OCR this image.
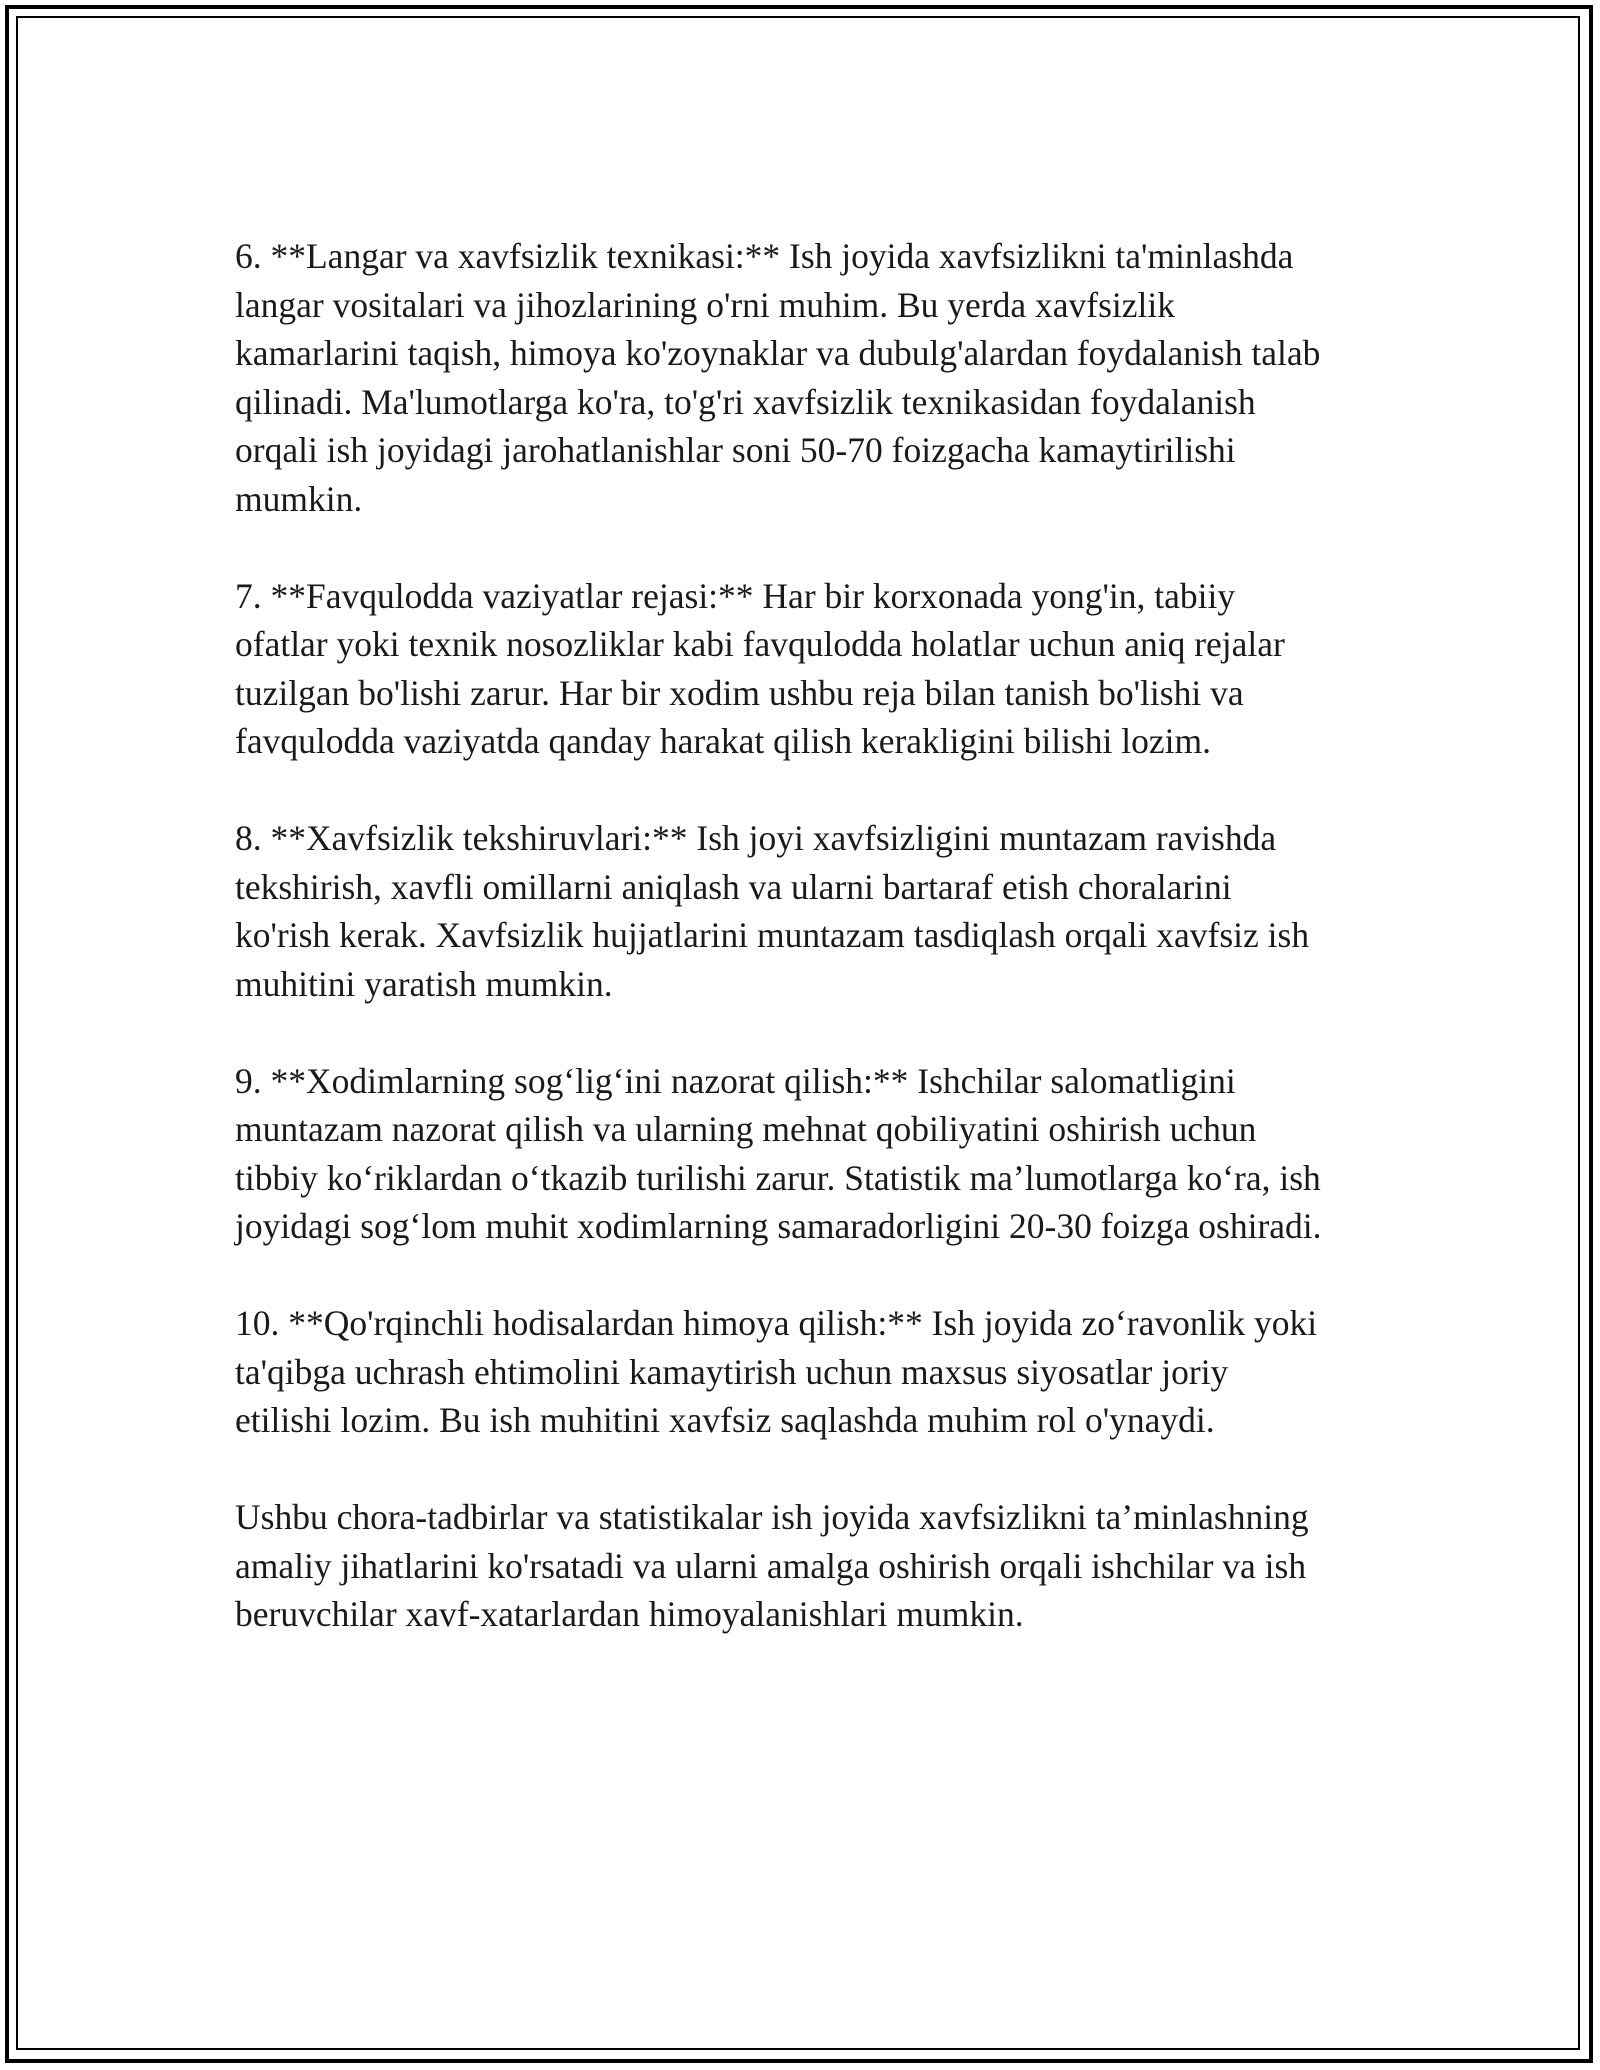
6. **Langar va xavfsizlik texnikasi:** Ish joyida xavfsizlikni ta'minlashda
langar vositalari va jihozlarining o'rni muhim. Bu yerda xavfsizlik
kamarlarini taqish, himoya ko'zoynaklar va dubulg'alardan foydalanish talab
qilinadi. Ma'lumotlarga ko'ra, to'g'ri xavfsizlik texnikasidan foydalanish
orqali ish joyidagi jarohatlanishlar soni 50-70 foizgacha kamaytirilishi
mumkin.

7. **Favqulodda vaziyatlar rejasi:** Har bir korxonada yong'in, tabiiy
ofatlar yoki texnik nosozliklar kabi favqulodda holatlar uchun aniq rejalar
tuzilgan bo'lishi zarur. Har bir xodim ushbu reja bilan tanish bo'lishi va
favqulodda vaziyatda qanday harakat qilish kerakligini bilishi lozim.

8. **Xavfsizlik tekshiruvlari:** Ish joyi xavfsizligini muntazam ravishda
tekshirish, xavfli omillarni aniqlash va ularni bartaraf etish choralarini
ko'rish kerak. Xavfsizlik hujjatlarini muntazam tasdiqlash orqali xavfsiz ish
muhitini yaratish mumkin.

9. **Xodimlarning sog‘lig‘ini nazorat qilish:** Ishchilar salomatligini
muntazam nazorat qilish va ularning mehnat qobiliyatini oshirish uchun
tibbiy ko‘riklardan o‘tkazib turilishi zarur. Statistik ma’lumotlarga ko‘ra, ish
joyidagi sog‘lom muhit xodimlarning samaradorligini 20-30 foizga oshiradi.

10. **Qo'rqinchli hodisalardan himoya qilish:** Ish joyida zo‘ravonlik yoki
ta'qibga uchrash ehtimolini kamaytirish uchun maxsus siyosatlar joriy
etilishi lozim. Bu ish muhitini xavfsiz saqlashda muhim rol o'ynaydi.

Ushbu chora-tadbirlar va statistikalar ish joyida xavfsizlikni ta’minlashning
amaliy jihatlarini ko'rsatadi va ularni amalga oshirish orqali ishchilar va ish
beruvchilar xavf-xatarlardan himoyalanishlari mumkin.
